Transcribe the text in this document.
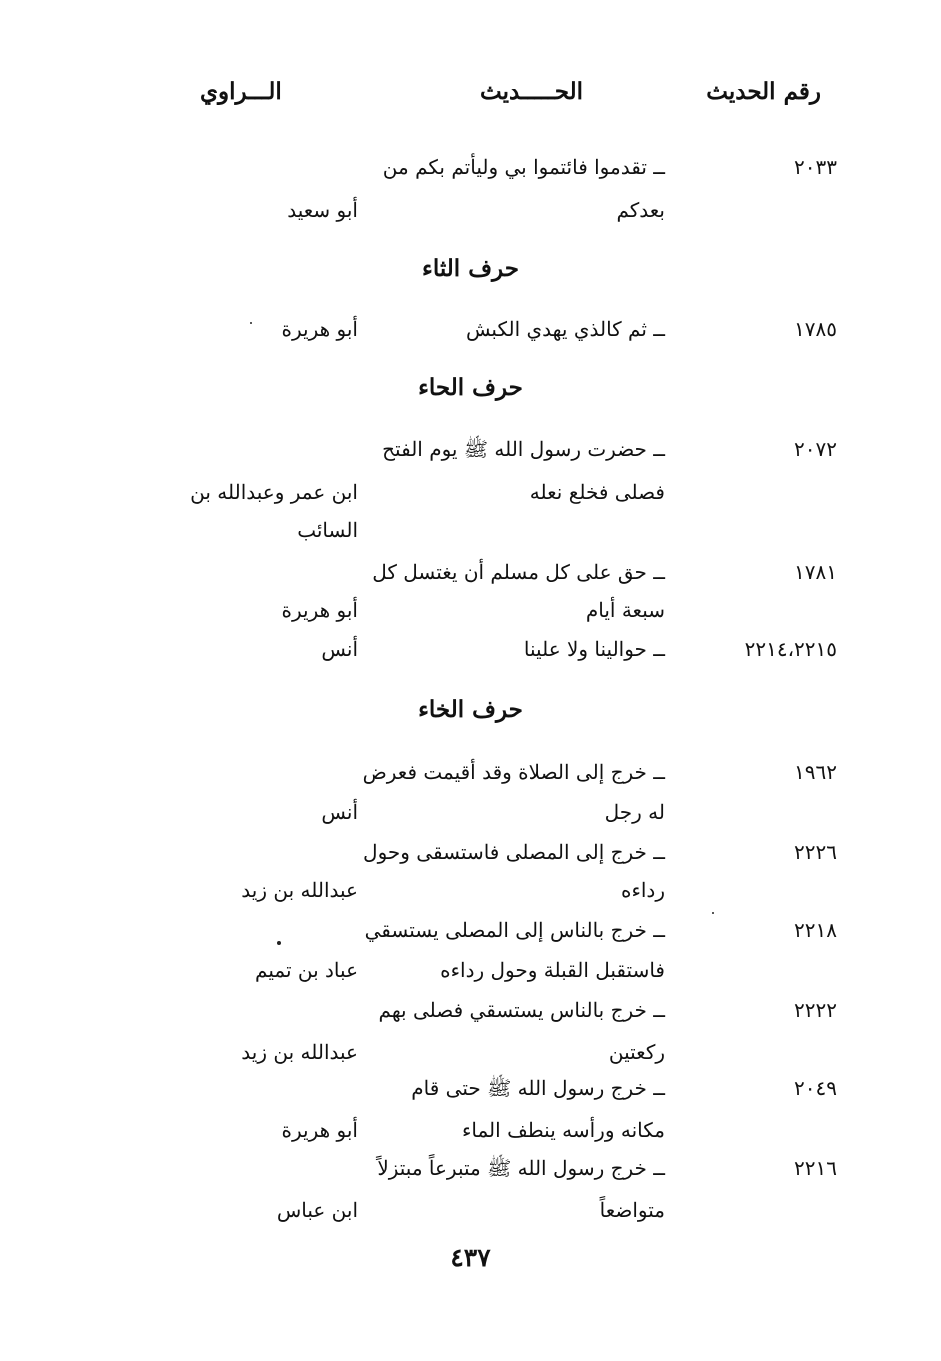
رقم الحديث
الحـــــديث
الـــراوي
٢٠٣٣
ــ تقدموا فائتموا بي وليأتم بكم من
بعدكم
أبو سعيد
حرف الثاء
١٧٨٥
ــ ثم كالذي يهدي الكبش
أبو هريرة
حرف الحاء
٢٠٧٢
ــ حضرت رسول الله ﷺ يوم الفتح
فصلى فخلع نعله
ابن عمر وعبدالله بن
السائب
١٧٨١
ــ حق على كل مسلم أن يغتسل كل
سبعة أيام
أبو هريرة
٢٢١٤،٢٢١٥
ــ حوالينا ولا علينا
أنس
حرف الخاء
١٩٦٢
ــ خرج إلى الصلاة وقد أقيمت فعرض
له رجل
أنس
٢٢٢٦
ــ خرج إلى المصلى فاستسقى وحول
رداءه
عبدالله بن زيد
٢٢١٨
ــ خرج بالناس إلى المصلى يستسقي
فاستقبل القبلة وحول رداءه
عباد بن تميم
٢٢٢٢
ــ خرج بالناس يستسقي فصلى بهم
ركعتين
عبدالله بن زيد
٢٠٤٩
ــ خرج رسول الله ﷺ حتى قام
مكانه ورأسه ينطف الماء
أبو هريرة
٢٢١٦
ــ خرج رسول الله ﷺ متبرعاً مبتزلاً
متواضعاً
ابن عباس
٤٣٧
